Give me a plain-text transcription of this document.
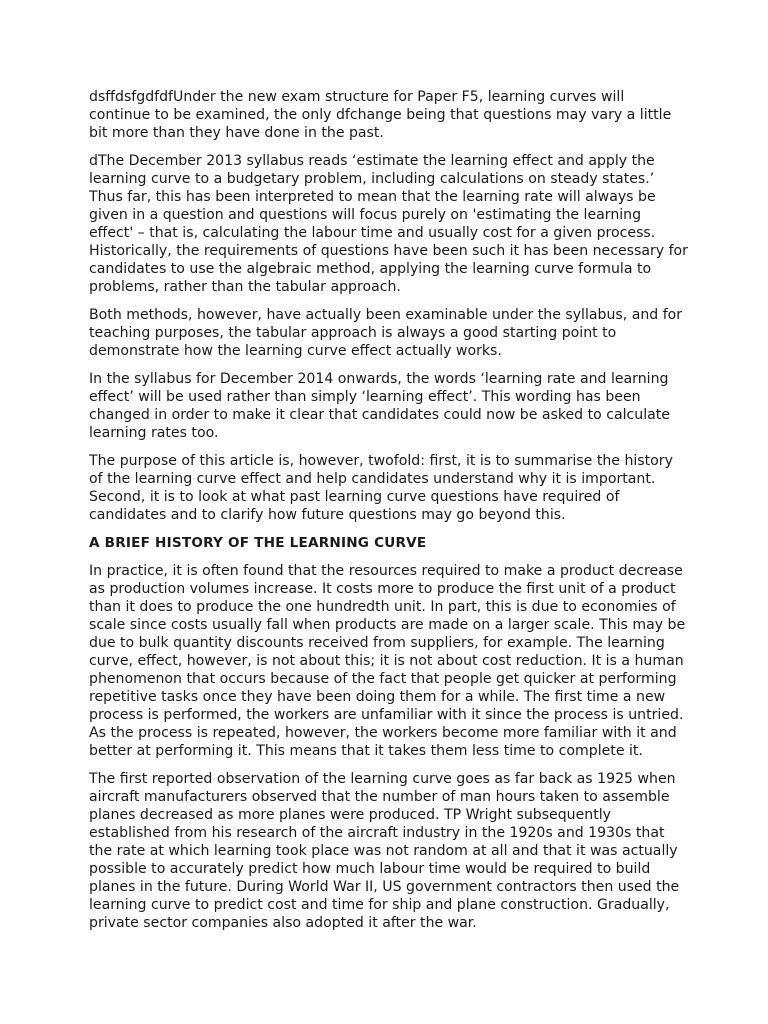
dsffdsfgdfdfUnder the new exam structure for Paper F5, learning curves will continue to be examined, the only dfchange being that questions may vary a little bit more than they have done in the past.

dThe December 2013 syllabus reads ‘estimate the learning effect and apply the learning curve to a budgetary problem, including calculations on steady states.’ Thus far, this has been interpreted to mean that the learning rate will always be given in a question and questions will focus purely on 'estimating the learning effect' – that is, calculating the labour time and usually cost for a given process. Historically, the requirements of questions have been such it has been necessary for candidates to use the algebraic method, applying the learning curve formula to problems, rather than the tabular approach.

Both methods, however, have actually been examinable under the syllabus, and for teaching purposes, the tabular approach is always a good starting point to demonstrate how the learning curve effect actually works.

In the syllabus for December 2014 onwards, the words ‘learning rate and learning effect’ will be used rather than simply ‘learning effect’. This wording has been changed in order to make it clear that candidates could now be asked to calculate learning rates too.

The purpose of this article is, however, twofold: first, it is to summarise the history of the learning curve effect and help candidates understand why it is important. Second, it is to look at what past learning curve questions have required of candidates and to clarify how future questions may go beyond this.

A BRIEF HISTORY OF THE LEARNING CURVE

In practice, it is often found that the resources required to make a product decrease as production volumes increase. It costs more to produce the first unit of a product than it does to produce the one hundredth unit. In part, this is due to economies of scale since costs usually fall when products are made on a larger scale. This may be due to bulk quantity discounts received from suppliers, for example. The learning curve, effect, however, is not about this; it is not about cost reduction. It is a human phenomenon that occurs because of the fact that people get quicker at performing repetitive tasks once they have been doing them for a while. The first time a new process is performed, the workers are unfamiliar with it since the process is untried. As the process is repeated, however, the workers become more familiar with it and better at performing it. This means that it takes them less time to complete it.

The first reported observation of the learning curve goes as far back as 1925 when aircraft manufacturers observed that the number of man hours taken to assemble planes decreased as more planes were produced. TP Wright subsequently established from his research of the aircraft industry in the 1920s and 1930s that the rate at which learning took place was not random at all and that it was actually possible to accurately predict how much labour time would be required to build planes in the future. During World War II, US government contractors then used the learning curve to predict cost and time for ship and plane construction. Gradually, private sector companies also adopted it after the war.
